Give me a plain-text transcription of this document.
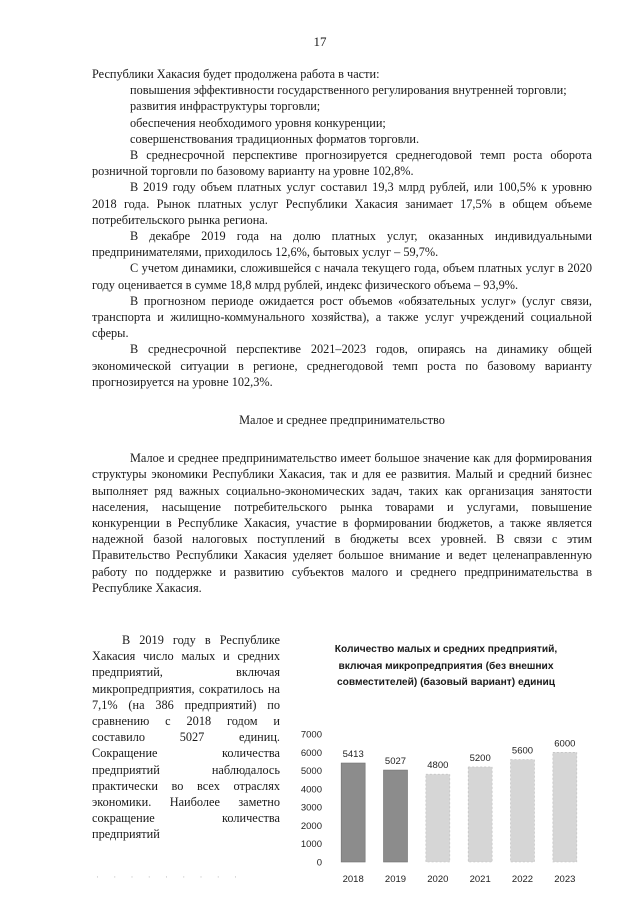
17

Республики Хакасия будет продолжена работа в части:

повышения эффективности государственного регулирования внутренней торговли;

развития инфраструктуры торговли;

обеспечения необходимого уровня конкуренции;

совершенствования традиционных форматов торговли.

В среднесрочной перспективе прогнозируется среднегодовой темп роста оборота розничной торговли по базовому варианту на уровне 102,8%.

В 2019 году объем платных услуг составил 19,3 млрд рублей, или 100,5% к уровню 2018 года. Рынок платных услуг Республики Хакасия занимает 17,5% в общем объеме потребительского рынка региона.

В декабре 2019 года на долю платных услуг, оказанных индивидуальными предпринимателями, приходилось 12,6%, бытовых услуг – 59,7%.

С учетом динамики, сложившейся с начала текущего года, объем платных услуг в 2020 году оценивается в сумме 18,8 млрд рублей, индекс физического объема – 93,9%.

В прогнозном периоде ожидается рост объемов «обязательных услуг» (услуг связи, транспорта и жилищно-коммунального хозяйства), а также услуг учреждений социальной сферы.

В среднесрочной перспективе 2021–2023 годов, опираясь на динамику общей экономической ситуации в регионе, среднегодовой темп роста по базовому варианту прогнозируется на уровне 102,3%.

Малое и среднее предпринимательство

Малое и среднее предпринимательство имеет большое значение как для формирования структуры экономики Республики Хакасия, так и для ее развития. Малый и средний бизнес выполняет ряд важных социально-экономических задач, таких как организация занятости населения, насыщение потребительского рынка товарами и услугами, повышение конкуренции в Республике Хакасия, участие в формировании бюджетов, а также является надежной базой налоговых поступлений в бюджеты всех уровней. В связи с этим Правительство Республики Хакасия уделяет большое внимание и ведет целенаправленную работу по поддержке и развитию субъектов малого и среднего предпринимательства в Республике Хакасия.

В 2019 году в Республике Хакасия число малых и средних предприятий, включая микропредприятия, сократилось на 7,1% (на 386 предприятий) по сравнению с 2018 годом и составило 5027 единиц. Сокращение количества предприятий наблюдалось практически во всех отраслях экономики. Наиболее заметно сокращение количества предприятий

Количество малых и средних предприятий, включая микропредприятия (без внешних совместителей) (базовый вариант) единиц
0
1000
2000
3000
4000
5000
6000
7000
5413
2018
5027
2019
4800
2020
5200
2021
5600
2022
6000
2023
· · · · · · · · ·
